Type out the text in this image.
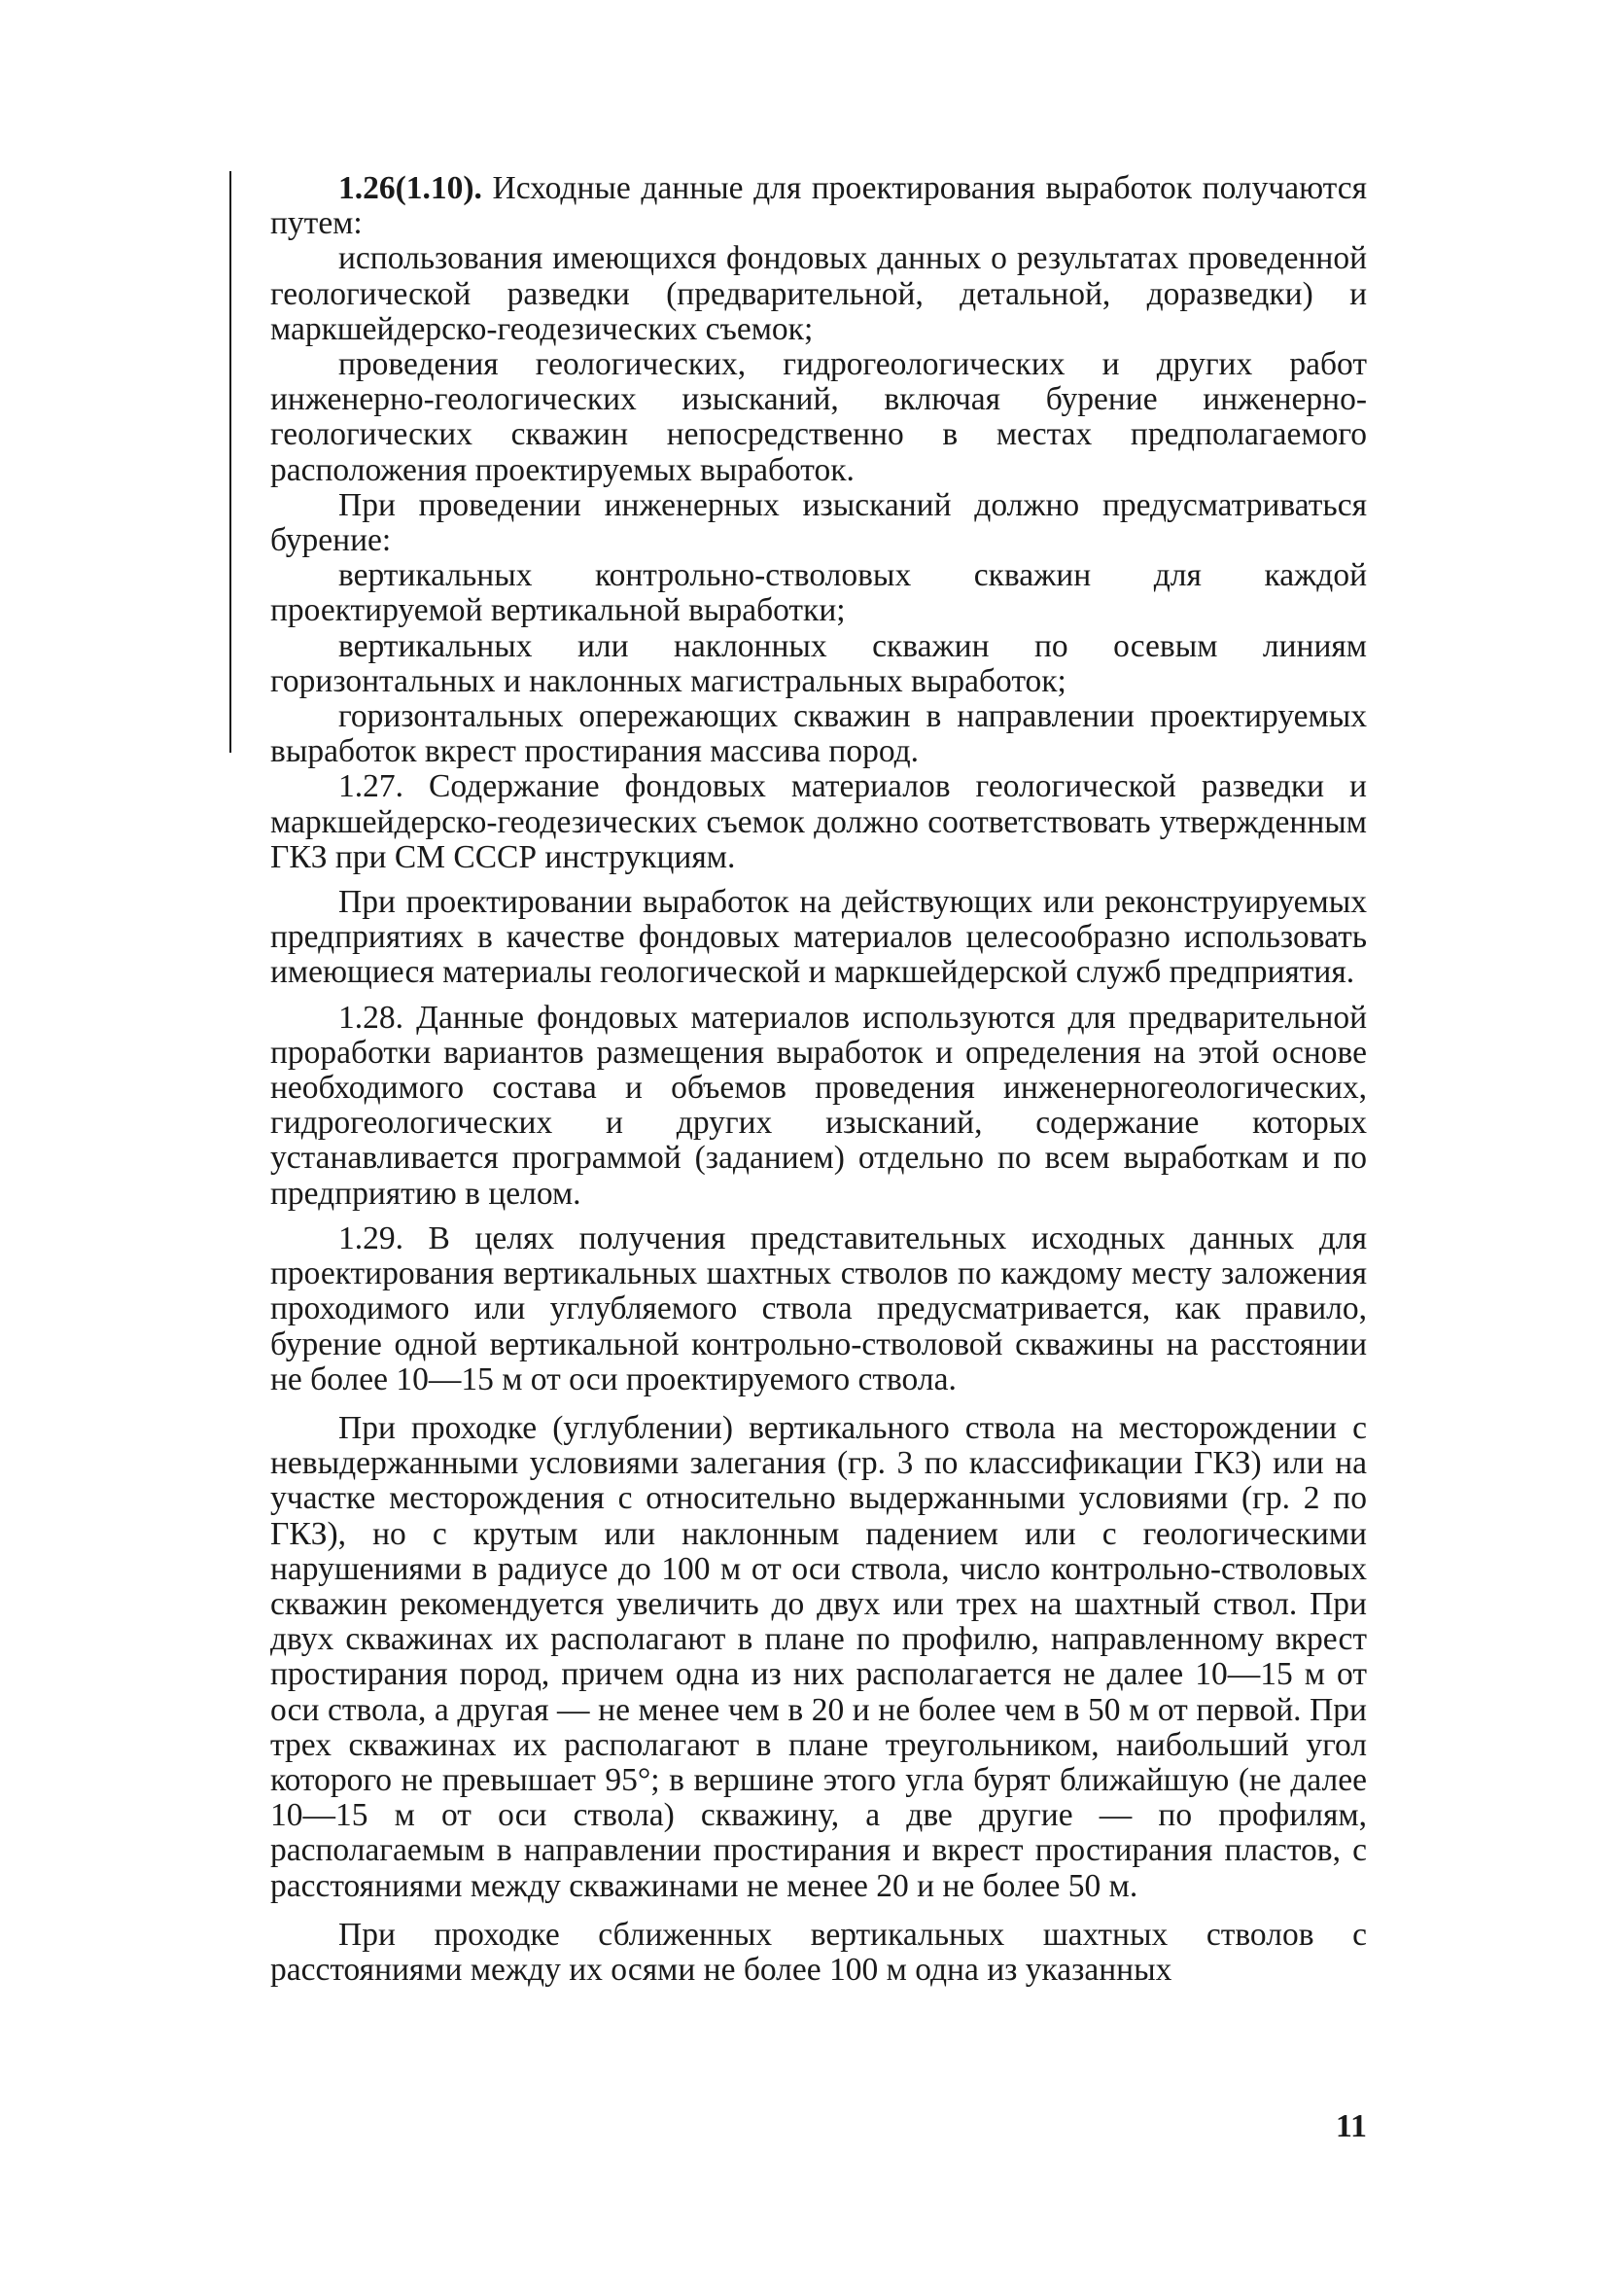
1.26(1.10). Исходные данные для проектирования выработок получаются путем:

использования имеющихся фондовых данных о результатах проведенной геологической разведки (предварительной, детальной, доразведки) и маркшейдерско-геодезических съемок;

проведения геологических, гидрогеологических и других работ инженерно-геологических изысканий, включая бурение инженерно-геологических скважин непосредственно в местах предполагаемого расположения проектируемых выработок.

При проведении инженерных изысканий должно предусматриваться бурение:

вертикальных контрольно-стволовых скважин для каждой проектируемой вертикальной выработки;

вертикальных или наклонных скважин по осевым линиям горизонтальных и наклонных магистральных выработок;

горизонтальных опережающих скважин в направлении проектируемых выработок вкрест простирания массива пород.

1.27. Содержание фондовых материалов геологической разведки и маркшейдерско-геодезических съемок должно соответствовать утвержденным ГКЗ при СМ СССР инструкциям.

При проектировании выработок на действующих или реконструируемых предприятиях в качестве фондовых материалов целесообразно использовать имеющиеся материалы геологической и маркшейдерской служб предприятия.

1.28. Данные фондовых материалов используются для предварительной проработки вариантов размещения выработок и определения на этой основе необходимого состава и объемов проведения инженерногеологических, гидрогеологических и других изысканий, содержание которых устанавливается программой (заданием) отдельно по всем выработкам и по предприятию в целом.

1.29. В целях получения представительных исходных данных для проектирования вертикальных шахтных стволов по каждому месту заложения проходимого или углубляемого ствола предусматривается, как правило, бурение одной вертикальной контрольно-стволовой скважины на расстоянии не более 10—15 м от оси проектируемого ствола.

При проходке (углублении) вертикального ствола на месторождении с невыдержанными условиями залегания (гр. 3 по классификации ГКЗ) или на участке месторождения с относительно выдержанными условиями (гр. 2 по ГКЗ), но с крутым или наклонным падением или с геологическими нарушениями в радиусе до 100 м от оси ствола, число контрольно-стволовых скважин рекомендуется увеличить до двух или трех на шахтный ствол. При двух скважинах их располагают в плане по профилю, направленному вкрест простирания пород, причем одна из них располагается не далее 10—15 м от оси ствола, а другая — не менее чем в 20 и не более чем в 50 м от первой. При трех скважинах их располагают в плане треугольником, наибольший угол которого не превышает 95°; в вершине этого угла бурят ближайшую (не далее 10—15 м от оси ствола) скважину, а две другие — по профилям, располагаемым в направлении простирания и вкрест простирания пластов, с расстояниями между скважинами не менее 20 и не более 50 м.

При проходке сближенных вертикальных шахтных стволов с расстояниями между их осями не более 100 м одна из указанных

11
